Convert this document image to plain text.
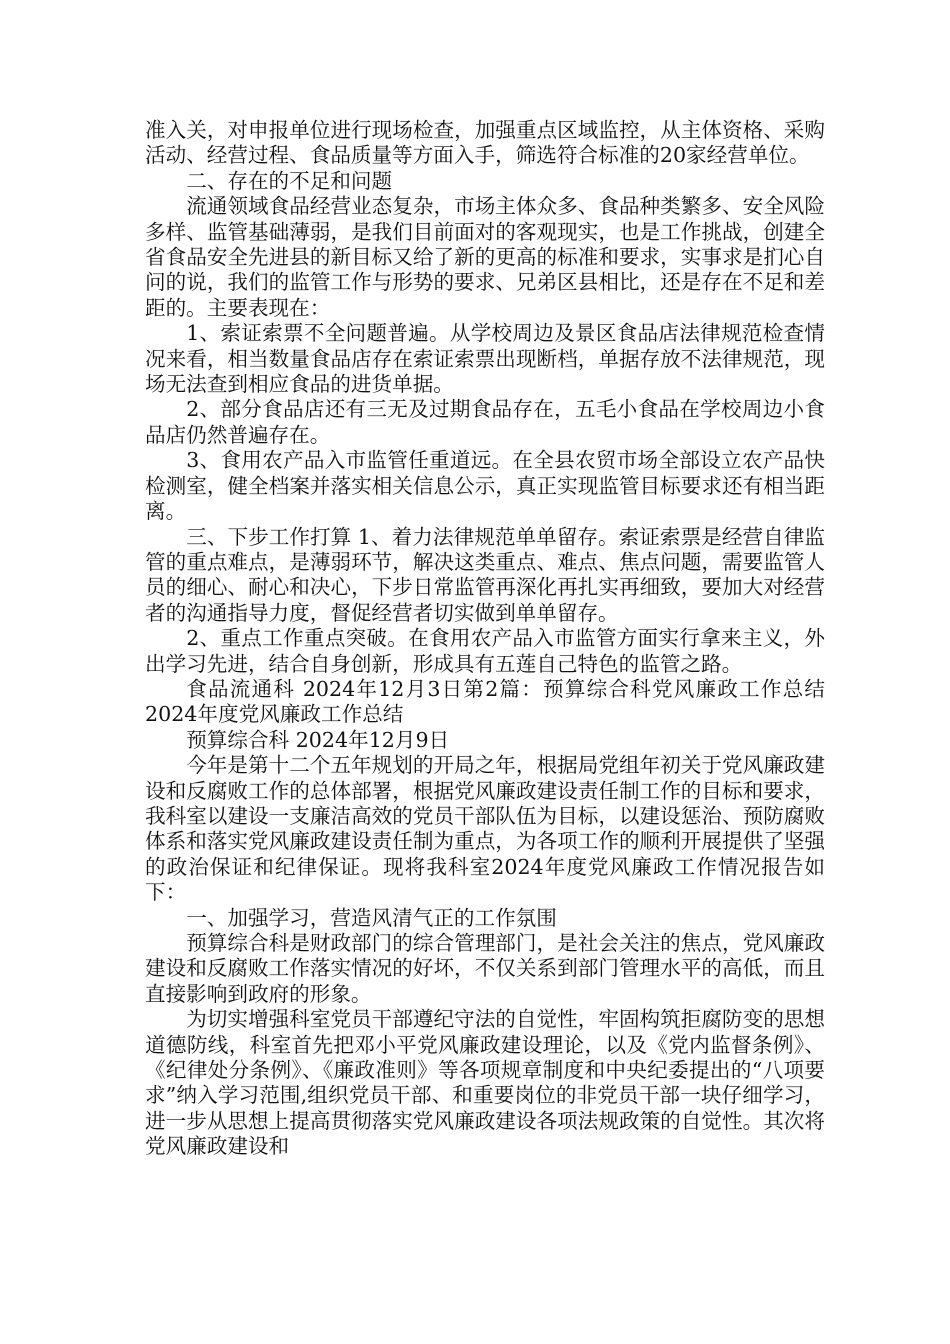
准入关，对申报单位进行现场检查，加强重点区域监控，从主体资格、采购活动、经营过程、食品质量等方面入手，筛选符合标准的20家经营单位。

二、存在的不足和问题

流通领域食品经营业态复杂，市场主体众多、食品种类繁多、安全风险多样、监管基础薄弱，是我们目前面对的客观现实，也是工作挑战，创建全省食品安全先进县的新目标又给了新的更高的标准和要求，实事求是扪心自问的说，我们的监管工作与形势的要求、兄弟区县相比，还是存在不足和差距的。主要表现在：

1、索证索票不全问题普遍。从学校周边及景区食品店法律规范检查情况来看，相当数量食品店存在索证索票出现断档，单据存放不法律规范，现场无法查到相应食品的进货单据。

2、部分食品店还有三无及过期食品存在，五毛小食品在学校周边小食品店仍然普遍存在。

3、食用农产品入市监管任重道远。在全县农贸市场全部设立农产品快检测室，健全档案并落实相关信息公示，真正实现监管目标要求还有相当距离。

三、下步工作打算 1、着力法律规范单单留存。索证索票是经营自律监管的重点难点，是薄弱环节，解决这类重点、难点、焦点问题，需要监管人员的细心、耐心和决心，下步日常监管再深化再扎实再细致，要加大对经营者的沟通指导力度，督促经营者切实做到单单留存。

2、重点工作重点突破。在食用农产品入市监管方面实行拿来主义，外出学习先进，结合自身创新，形成具有五莲自己特色的监管之路。

食品流通科 2024年12月3日第2篇：预算综合科党风廉政工作总结2024年度党风廉政工作总结

预算综合科 2024年12月9日

今年是第十二个五年规划的开局之年，根据局党组年初关于党风廉政建设和反腐败工作的总体部署，根据党风廉政建设责任制工作的目标和要求，我科室以建设一支廉洁高效的党员干部队伍为目标，以建设惩治、预防腐败体系和落实党风廉政建设责任制为重点，为各项工作的顺利开展提供了坚强的政治保证和纪律保证。现将我科室2024年度党风廉政工作情况报告如下：

一、加强学习，营造风清气正的工作氛围

预算综合科是财政部门的综合管理部门，是社会关注的焦点，党风廉政建设和反腐败工作落实情况的好坏，不仅关系到部门管理水平的高低，而且直接影响到政府的形象。

为切实增强科室党员干部遵纪守法的自觉性，牢固构筑拒腐防变的思想道德防线，科室首先把邓小平党风廉政建设理论，以及《党内监督条例》、《纪律处分条例》、《廉政准则》等各项规章制度和中央纪委提出的“八项要求”纳入学习范围,组织党员干部、和重要岗位的非党员干部一块仔细学习，进一步从思想上提高贯彻落实党风廉政建设各项法规政策的自觉性。其次将党风廉政建设和
